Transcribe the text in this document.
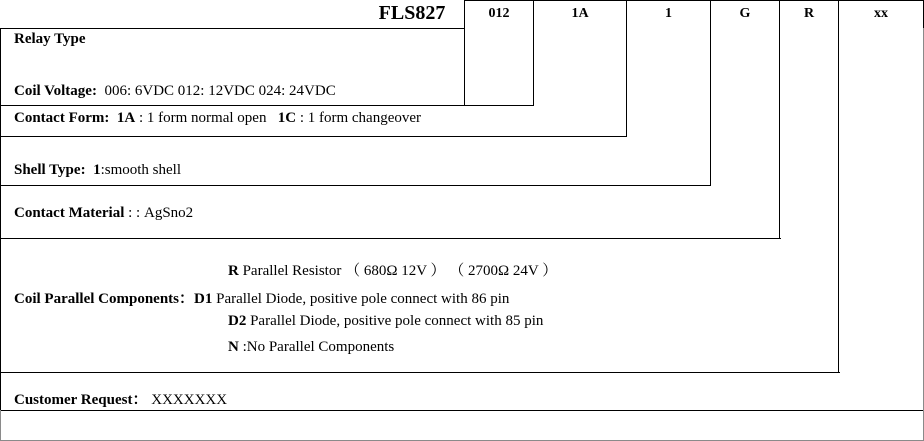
FLS827	012	1A	1	G	R	xx
Relay Type
Coil Voltage: 006: 6VDC 012: 12VDC 024: 24VDC
Contact Form: 1A : 1 form normal open 1C : 1 form changeover
Shell Type: 1:smooth shell
Contact Material : : AgSno2
R Parallel Resistor （ 680Ω 12V ） （ 2700Ω 24V ）
Coil Parallel Components：D1 Parallel Diode, positive pole connect with 86 pin
D2 Parallel Diode, positive pole connect with 85 pin
N :No Parallel Components
Customer Request： XXXXXXX
